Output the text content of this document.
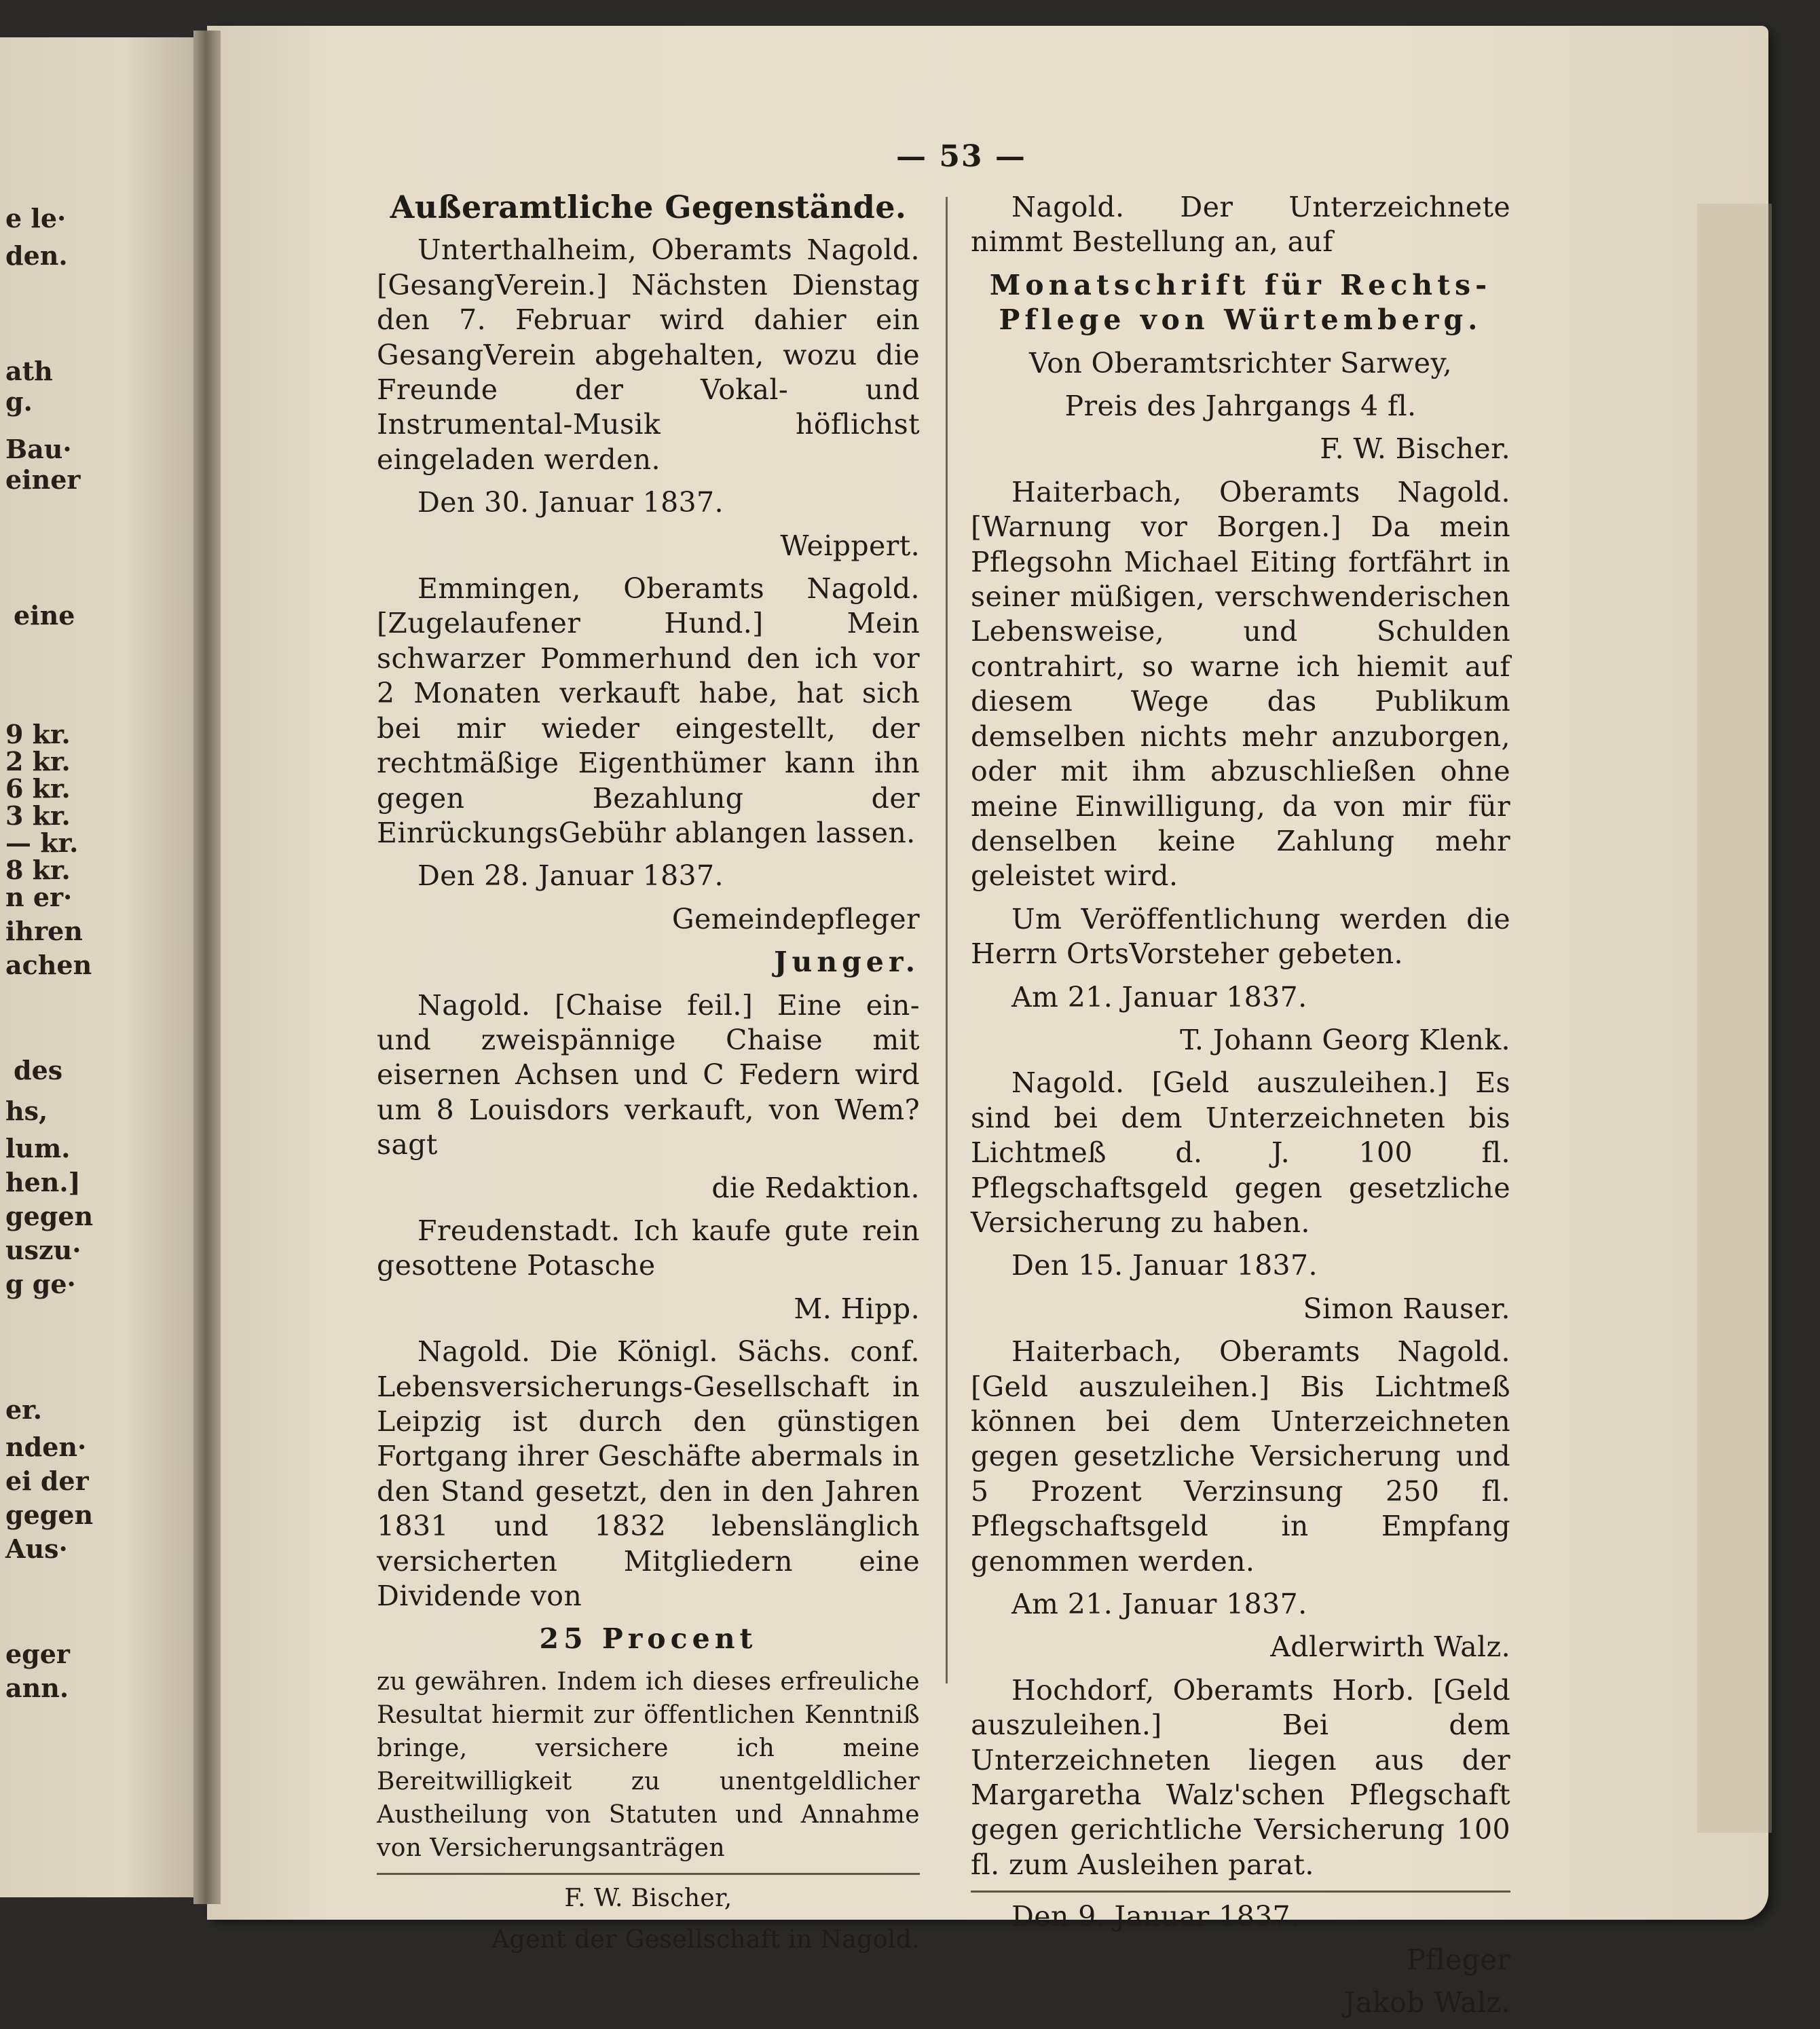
e le·
den.
ath
g.
Bau·
einer
eine
9 kr.
2 kr.
6 kr.
3 kr.
— kr.
8 kr.
n er·
ihren
achen
des
hs,
lum.
hen.]
gegen
uszu·
g ge·
er.
nden·
ei der
gegen
Aus·
eger
ann.
— 53 —

Außeramtliche Gegenstände.

Unterthalheim, Oberamts Nagold. [GesangVerein.] Nächsten Dienstag den 7. Februar wird dahier ein GesangVerein abgehalten, wozu die Freunde der Vokal- und Instrumental-Musik höflichst eingeladen werden.

Den 30. Januar 1837.

Weippert.

Emmingen, Oberamts Nagold. [Zugelaufener Hund.] Mein schwarzer Pommerhund den ich vor 2 Monaten verkauft habe, hat sich bei mir wieder eingestellt, der rechtmäßige Eigenthümer kann ihn gegen Bezahlung der EinrückungsGebühr ablangen lassen.

Den 28. Januar 1837.

Gemeindepfleger

Junger.

Nagold. [Chaise feil.] Eine ein- und zweispännige Chaise mit eisernen Achsen und C Federn wird um 8 Louisdors verkauft, von Wem? sagt

die Redaktion.

Freudenstadt. Ich kaufe gute rein gesottene Potasche

M. Hipp.

Nagold. Die Königl. Sächs. conf. Lebensversicherungs-Gesellschaft in Leipzig ist durch den günstigen Fortgang ihrer Geschäfte abermals in den Stand gesetzt, den in den Jahren 1831 und 1832 lebenslänglich versicherten Mitgliedern eine Dividende von

25 Procent

zu gewähren. Indem ich dieses erfreuliche Resultat hiermit zur öffentlichen Kenntniß bringe, versichere ich meine Bereitwilligkeit zu unentgeldlicher Austheilung von Statuten und Annahme von Versicherungsanträgen

F. W. Bischer,

Agent der Gesellschaft in Nagold.

Nagold. Der Unterzeichnete nimmt Bestellung an, auf

Monatschrift für Rechts-Pflege von Würtemberg.

Von Oberamtsrichter Sarwey,

Preis des Jahrgangs 4 fl.

F. W. Bischer.

Haiterbach, Oberamts Nagold. [Warnung vor Borgen.] Da mein Pflegsohn Michael Eiting fortfährt in seiner müßigen, verschwenderischen Lebensweise, und Schulden contrahirt, so warne ich hiemit auf diesem Wege das Publikum demselben nichts mehr anzuborgen, oder mit ihm abzuschließen ohne meine Einwilligung, da von mir für denselben keine Zahlung mehr geleistet wird.

Um Veröffentlichung werden die Herrn OrtsVorsteher gebeten.

Am 21. Januar 1837.

T. Johann Georg Klenk.

Nagold. [Geld auszuleihen.] Es sind bei dem Unterzeichneten bis Lichtmeß d. J. 100 fl. Pflegschaftsgeld gegen gesetzliche Versicherung zu haben.

Den 15. Januar 1837.

Simon Rauser.

Haiterbach, Oberamts Nagold. [Geld auszuleihen.] Bis Lichtmeß können bei dem Unterzeichneten gegen gesetzliche Versicherung und 5 Prozent Verzinsung 250 fl. Pflegschaftsgeld in Empfang genommen werden.

Am 21. Januar 1837.

Adlerwirth Walz.

Hochdorf, Oberamts Horb. [Geld auszuleihen.] Bei dem Unterzeichneten liegen aus der Margaretha Walz'schen Pflegschaft gegen gerichtliche Versicherung 100 fl. zum Ausleihen parat.

Den 9. Januar 1837.

Pfleger

Jakob Walz.
